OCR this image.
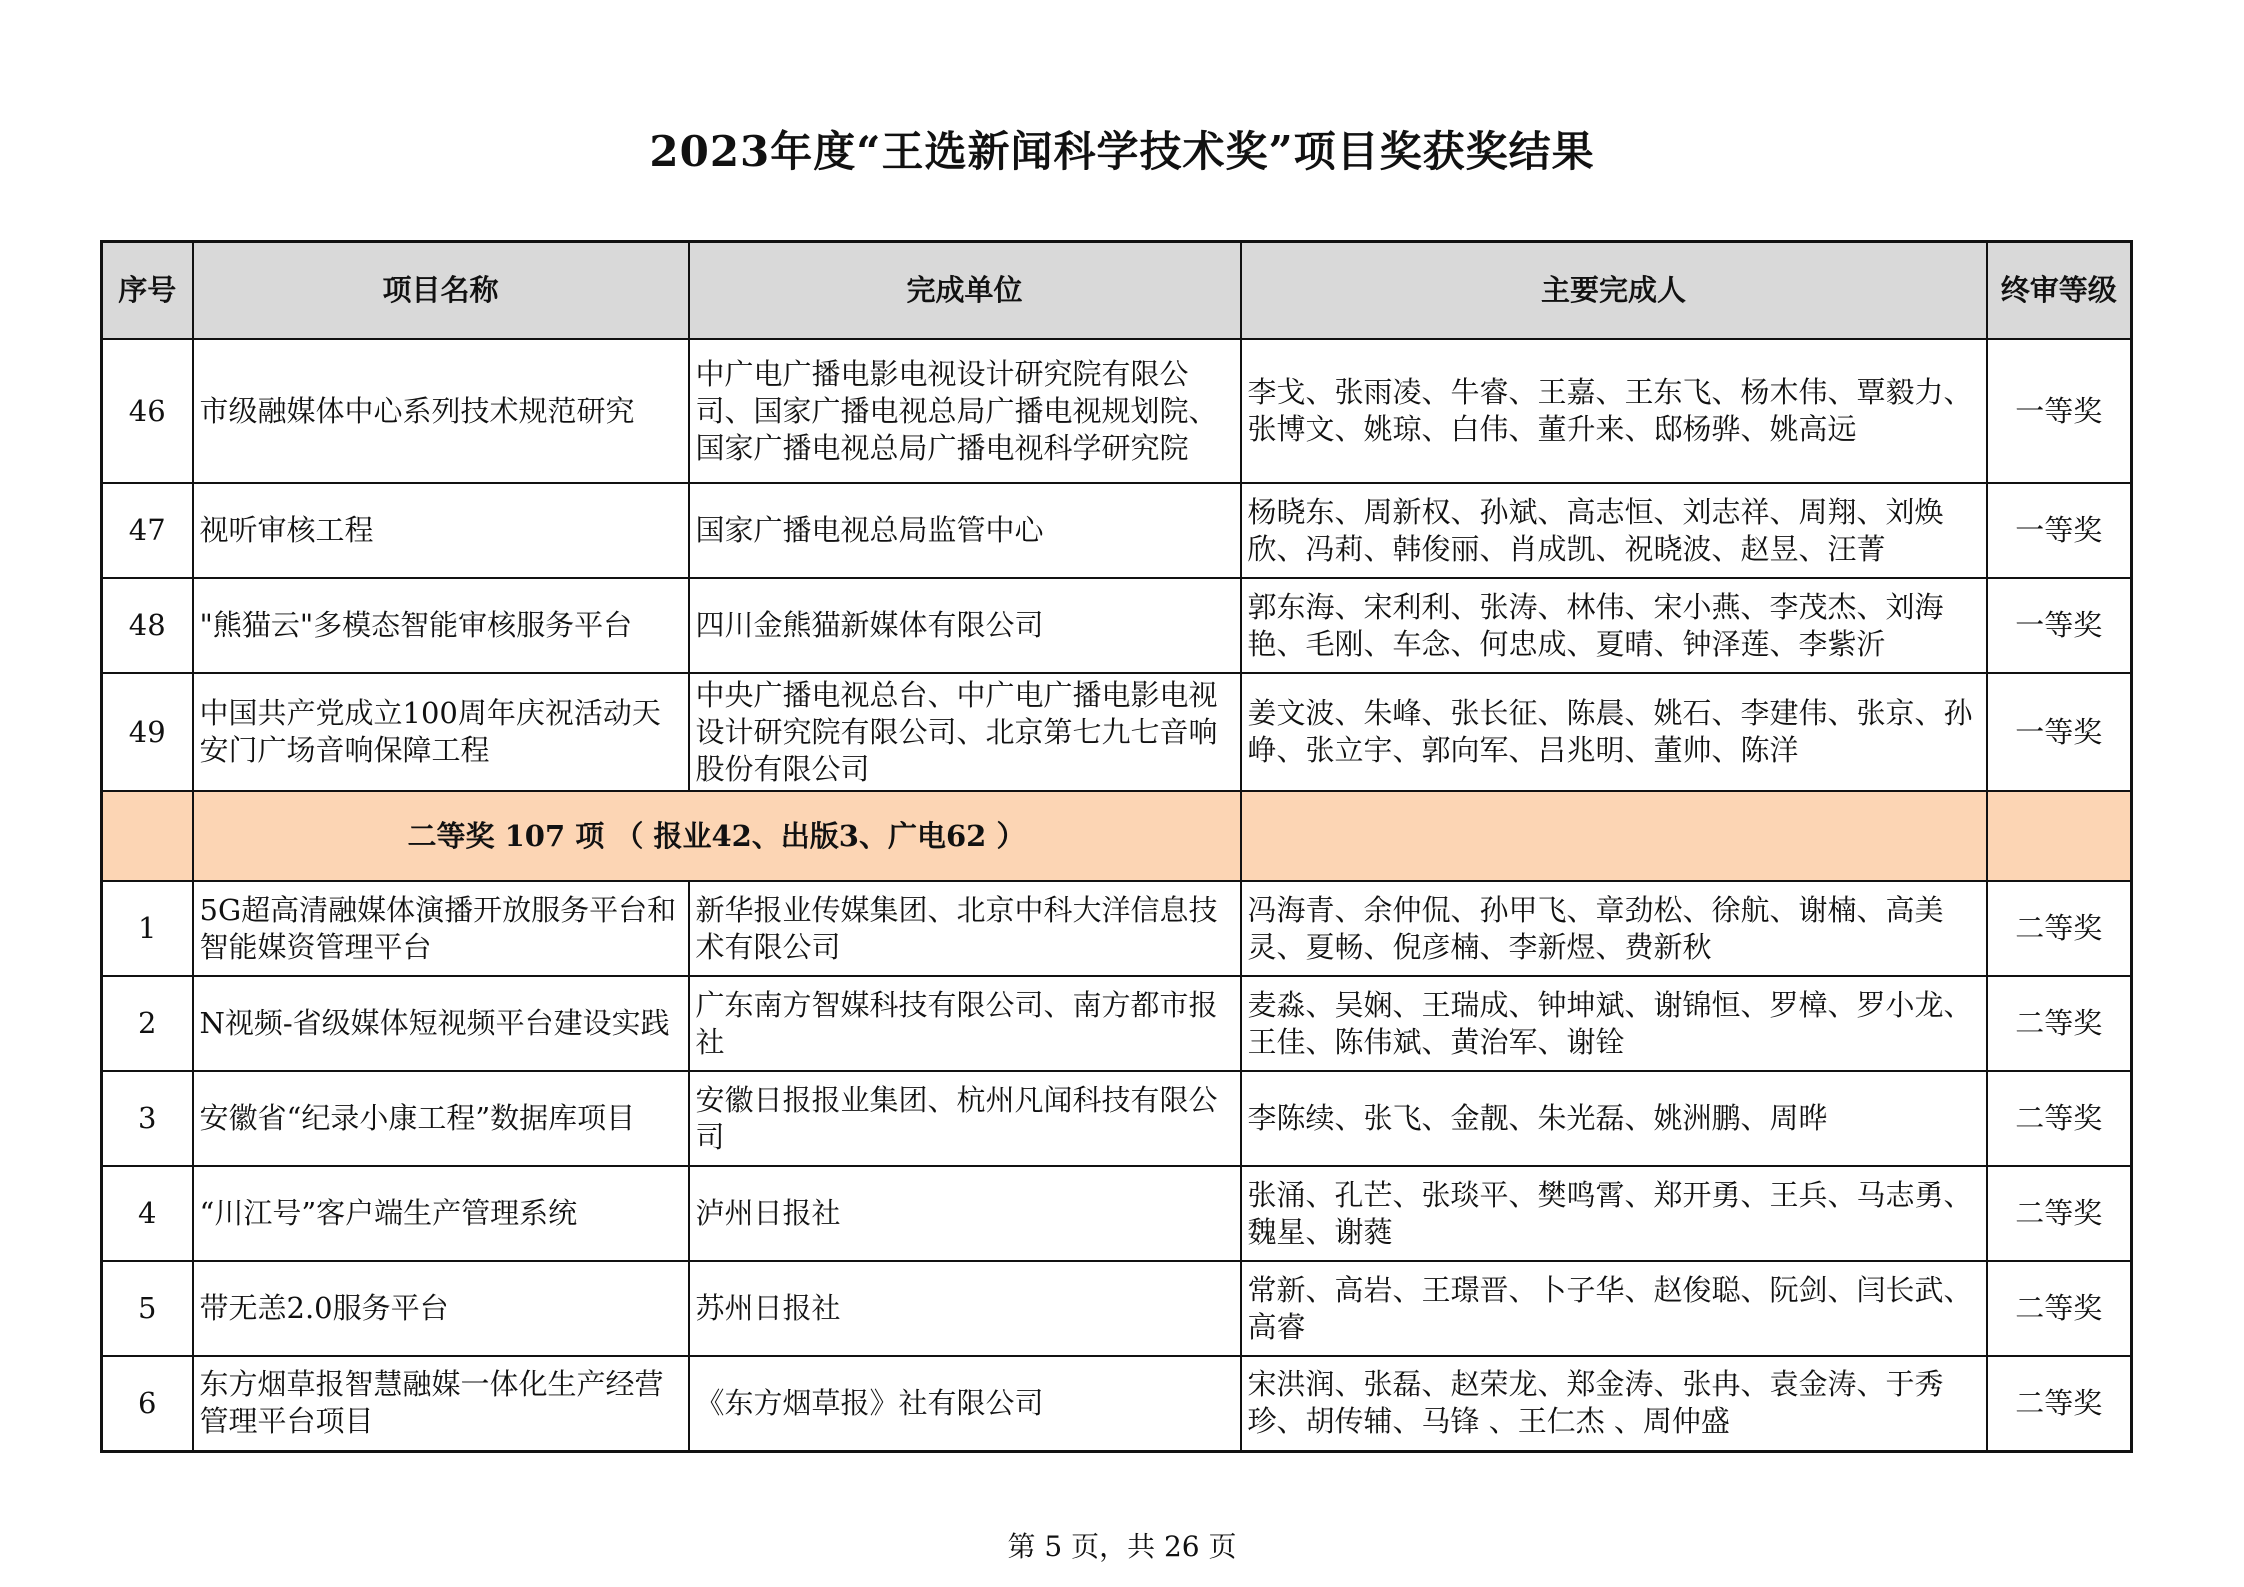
2023年度“王选新闻科学技术奖”项目奖获奖结果
序号	项目名称	完成单位	主要完成人	终审等级
46	市级融媒体中心系列技术规范研究	中广电广播电影电视设计研究院有限公司、国家广播电视总局广播电视规划院、国家广播电视总局广播电视科学研究院	李戈、张雨凌、牛睿、王嘉、王东飞、杨木伟、覃毅力、张博文、姚琼、白伟、董升来、邸杨骅、姚高远	一等奖
47	视听审核工程	国家广播电视总局监管中心	杨晓东、周新权、孙斌、高志恒、刘志祥、周翔、刘焕欣、冯莉、韩俊丽、肖成凯、祝晓波、赵昱、汪菁	一等奖
48	"熊猫云"多模态智能审核服务平台	四川金熊猫新媒体有限公司	郭东海、宋利利、张涛、林伟、宋小燕、李茂杰、刘海艳、毛刚、车念、何忠成、夏晴、钟泽莲、李紫沂	一等奖
49	中国共产党成立100周年庆祝活动天安门广场音响保障工程	中央广播电视总台、中广电广播电影电视设计研究院有限公司、北京第七九七音响股份有限公司	姜文波、朱峰、张长征、陈晨、姚石、李建伟、张京、孙峥、张立宇、郭向军、吕兆明、董帅、陈洋	一等奖
	二等奖 107 项 （ 报业42、出版3、广电62 ）			
1	5G超高清融媒体演播开放服务平台和智能媒资管理平台	新华报业传媒集团、北京中科大洋信息技术有限公司	冯海青、余仲侃、孙甲飞、章劲松、徐航、谢楠、高美灵、夏畅、倪彦楠、李新煜、费新秋	二等奖
2	N视频-省级媒体短视频平台建设实践	广东南方智媒科技有限公司、南方都市报社	麦淼、吴娴、王瑞成、钟坤斌、谢锦恒、罗樟、罗小龙、王佳、陈伟斌、黄治军、谢铨	二等奖
3	安徽省“纪录小康工程”数据库项目	安徽日报报业集团、杭州凡闻科技有限公司	李陈续、张飞、金靓、朱光磊、姚洲鹏、周晔	二等奖
4	“川江号”客户端生产管理系统	泸州日报社	张涌、孔芒、张琰平、樊鸣霄、郑开勇、王兵、马志勇、魏星、谢蕤	二等奖
5	带无恙2.0服务平台	苏州日报社	常新、高岩、王璟晋、卜子华、赵俊聪、阮剑、闫长武、高睿	二等奖
6	东方烟草报智慧融媒一体化生产经营管理平台项目	《东方烟草报》社有限公司	宋洪润、张磊、赵荣龙、郑金涛、张冉、袁金涛、于秀珍、胡传辅、马锋 、王仁杰 、周仲盛	二等奖
第 5 页，共 26 页
